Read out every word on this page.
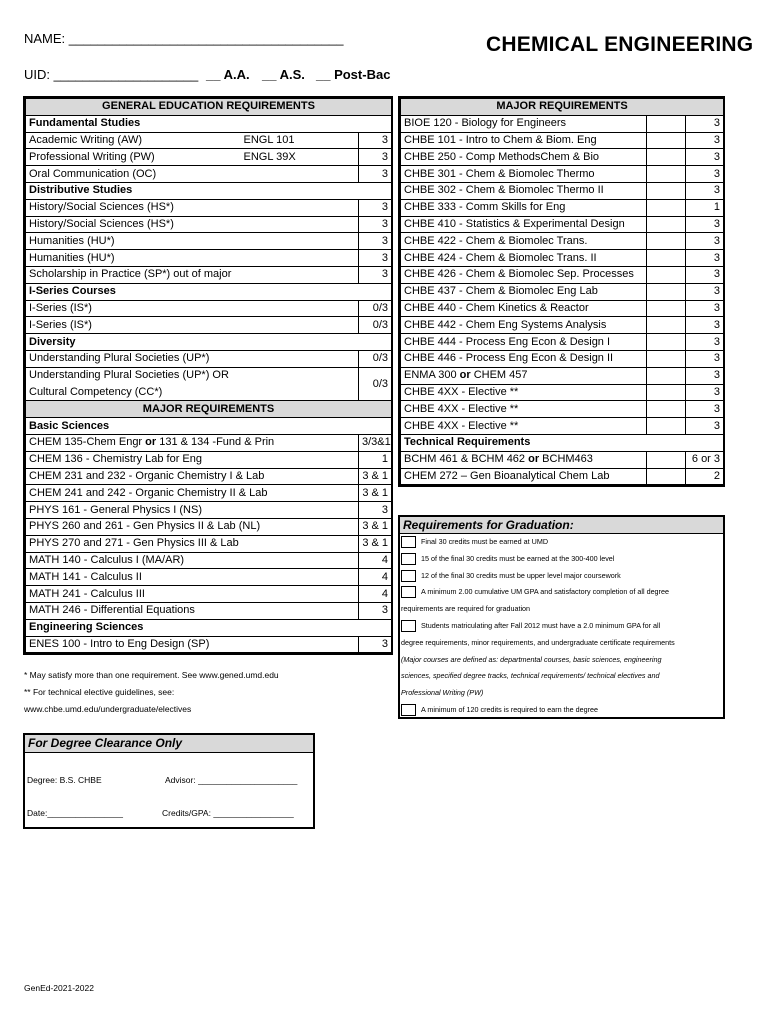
NAME: ______________________________________
UID: ____________________ __ A.A. __ A.S. __ Post-Bac
CHEMICAL ENGINEERING
GENERAL EDUCATION REQUIREMENTS		
Fundamental Studies		
Academic Writing (AW)	ENGL 101	3
Professional Writing (PW)	ENGL 39X	3
Oral Communication (OC)		3
Distributive Studies		
History/Social Sciences (HS*)		3
History/Social Sciences (HS*)		3
Humanities (HU*)		3
Humanities (HU*)		3
Scholarship in Practice (SP*) out of major		3
I-Series Courses		
I-Series (IS*)		0/3
I-Series (IS*)		0/3
Diversity		
Understanding Plural Societies (UP*)		0/3
Understanding Plural Societies (UP*) OR		0/3
Cultural Competency (CC*)		
MAJOR REQUIREMENTS		
Basic Sciences		
CHEM 135-Chem Engr or 131 & 134 -Fund & Prin		3/3&1
CHEM 136 - Chemistry Lab for Eng		1
CHEM 231 and 232 - Organic Chemistry I & Lab		3 & 1
CHEM 241 and 242 - Organic Chemistry II & Lab		3 & 1
PHYS 161 - General Physics I (NS)		3
PHYS 260 and 261 - Gen Physics II & Lab (NL)		3 & 1
PHYS 270 and 271 - Gen Physics III & Lab		3 & 1
MATH 140 - Calculus I (MA/AR)		4
MATH 141 - Calculus II		4
MATH 241 - Calculus III		4
MATH 246 - Differential Equations		3
Engineering Sciences		
ENES 100 - Intro to Eng Design (SP)		3
* May satisfy more than one requirement. See www.gened.umd.edu
** For technical elective guidelines, see:
www.chbe.umd.edu/undergraduate/electives
MAJOR REQUIREMENTS		
BIOE 120 - Biology for Engineers		3
CHBE 101 - Intro to Chem & Biom. Eng		3
CHBE 250 - Comp MethodsChem & Bio		3
CHBE 301 - Chem & Biomolec Thermo		3
CHBE 302 - Chem & Biomolec Thermo II		3
CHBE 333 - Comm Skills for Eng		1
CHBE 410 - Statistics & Experimental Design		3
CHBE 422 - Chem & Biomolec Trans.		3
CHBE 424 - Chem & Biomolec Trans. II		3
CHBE 426 - Chem & Biomolec Sep. Processes		3
CHBE 437 - Chem & Biomolec Eng Lab		3
CHBE 440 - Chem Kinetics & Reactor		3
CHBE 442 - Chem Eng Systems Analysis		3
CHBE 444 - Process Eng Econ & Design I		3
CHBE 446 - Process Eng Econ & Design II		3
ENMA 300 or CHEM 457		3
CHBE 4XX - Elective **		3
CHBE 4XX - Elective **		3
CHBE 4XX - Elective **		3
Technical Requirements		
BCHM 461 & BCHM 462 or BCHM463		6 or 3
CHEM 272 – Gen Bioanalytical Chem Lab		2
Requirements for Graduation:
Final 30 credits must be earned at UMD
15 of the final 30 credits must be earned at the 300-400 level
12 of the final 30 credits must be upper level major coursework
A minimum 2.00 cumulative UM GPA and satisfactory completion of all degree
requirements are required for graduation
Students matriculating after Fall 2012 must have a 2.0 minimum GPA for all
degree requirements, minor requirements, and undergraduate certificate requirements
(Major courses are defined as: departmental courses, basic sciences, engineering
sciences, specified degree tracks, technical requirements/ technical electives and
Professional Writing (PW)
A minimum of 120 credits is required to earn the degree
For Degree Clearance Only
Degree: B.S. CHBE	Advisor: _____________________
Date:________________	Credits/GPA: _________________
GenEd-2021-2022
